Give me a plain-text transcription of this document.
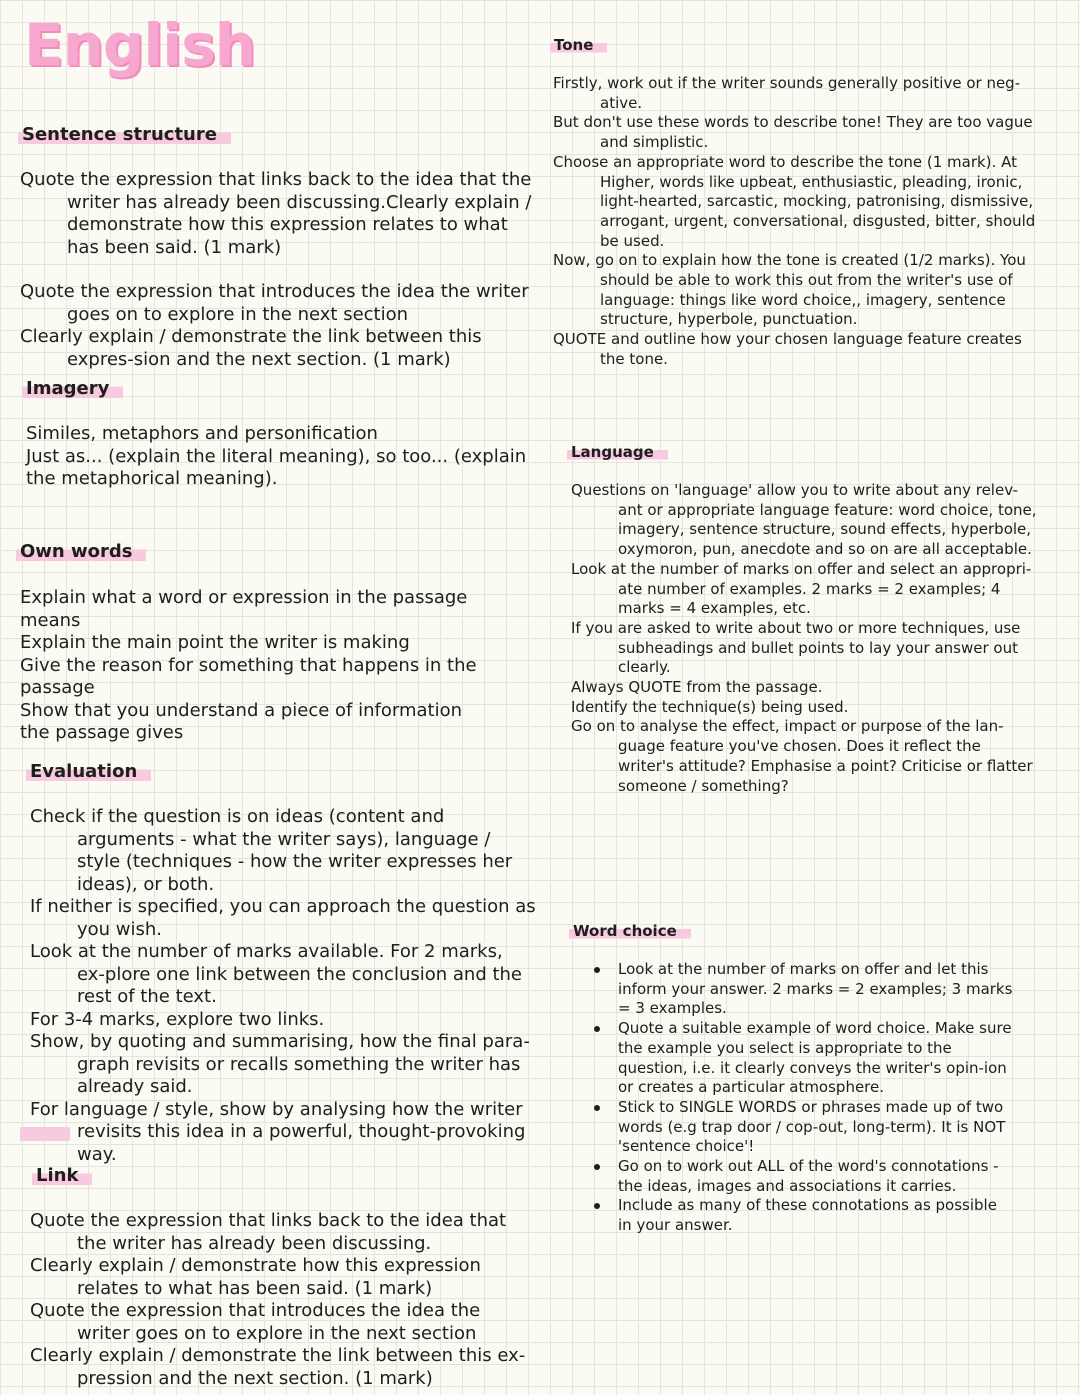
English
Sentence structure

Quote the expression that links back to the idea that the writer has already been discussing.Clearly explain / demonstrate how this expression relates to what has been said. (1 mark)

Quote the expression that introduces the idea the writer goes on to explore in the next section

Clearly explain / demonstrate the link between this expres-sion and the next section. (1 mark)

Imagery

Similes, metaphors and personification

Just as... (explain the literal meaning), so too... (explain the metaphorical meaning).

Own words

Explain what a word or expression in the passage means

Explain the main point the writer is making

Give the reason for something that happens in the passage

Show that you understand a piece of information the passage gives

Evaluation

Check if the question is on ideas (content and arguments - what the writer says), language / style (techniques - how the writer expresses her ideas), or both.

If neither is specified, you can approach the question as you wish.

Look at the number of marks available. For 2 marks, ex-plore one link between the conclusion and the rest of the text.

For 3-4 marks, explore two links.

Show, by quoting and summarising, how the final para-graph revisits or recalls something the writer has already said.

For language / style, show by analysing how the writer revisits this idea in a powerful, thought-provoking way.

Link

Quote the expression that links back to the idea that the writer has already been discussing.

Clearly explain / demonstrate how this expression relates to what has been said. (1 mark)

Quote the expression that introduces the idea the writer goes on to explore in the next section

Clearly explain / demonstrate the link between this ex-pression and the next section. (1 mark)

Tone

Firstly, work out if the writer sounds generally positive or neg-ative.

But don't use these words to describe tone! They are too vague and simplistic.

Choose an appropriate word to describe the tone (1 mark). At Higher, words like upbeat, enthusiastic, pleading, ironic, light-hearted, sarcastic, mocking, patronising, dismissive, arrogant, urgent, conversational, disgusted, bitter, should be used.

Now, go on to explain how the tone is created (1/2 marks). You should be able to work this out from the writer's use of language: things like word choice,, imagery, sentence structure, hyperbole, punctuation.

QUOTE and outline how your chosen language feature creates the tone.

Language

Questions on 'language' allow you to write about any relev-ant or appropriate language feature: word choice, tone, imagery, sentence structure, sound effects, hyperbole, oxymoron, pun, anecdote and so on are all acceptable.

Look at the number of marks on offer and select an appropri-ate number of examples. 2 marks = 2 examples; 4 marks = 4 examples, etc.

If you are asked to write about two or more techniques, use subheadings and bullet points to lay your answer out clearly.

Always QUOTE from the passage.

Identify the technique(s) being used.

Go on to analyse the effect, impact or purpose of the lan-guage feature you've chosen. Does it reflect the writer's attitude? Emphasise a point? Criticise or flatter someone / something?

Word choice
Look at the number of marks on offer and let this inform your answer. 2 marks = 2 examples; 3 marks = 3 examples.
Quote a suitable example of word choice. Make sure the example you select is appropriate to the question, i.e. it clearly conveys the writer's opin-ion or creates a particular atmosphere.
Stick to SINGLE WORDS or phrases made up of two words (e.g trap door / cop-out, long-term). It is NOT 'sentence choice'!
Go on to work out ALL of the word's connotations - the ideas, images and associations it carries.
Include as many of these connotations as possible in your answer.
